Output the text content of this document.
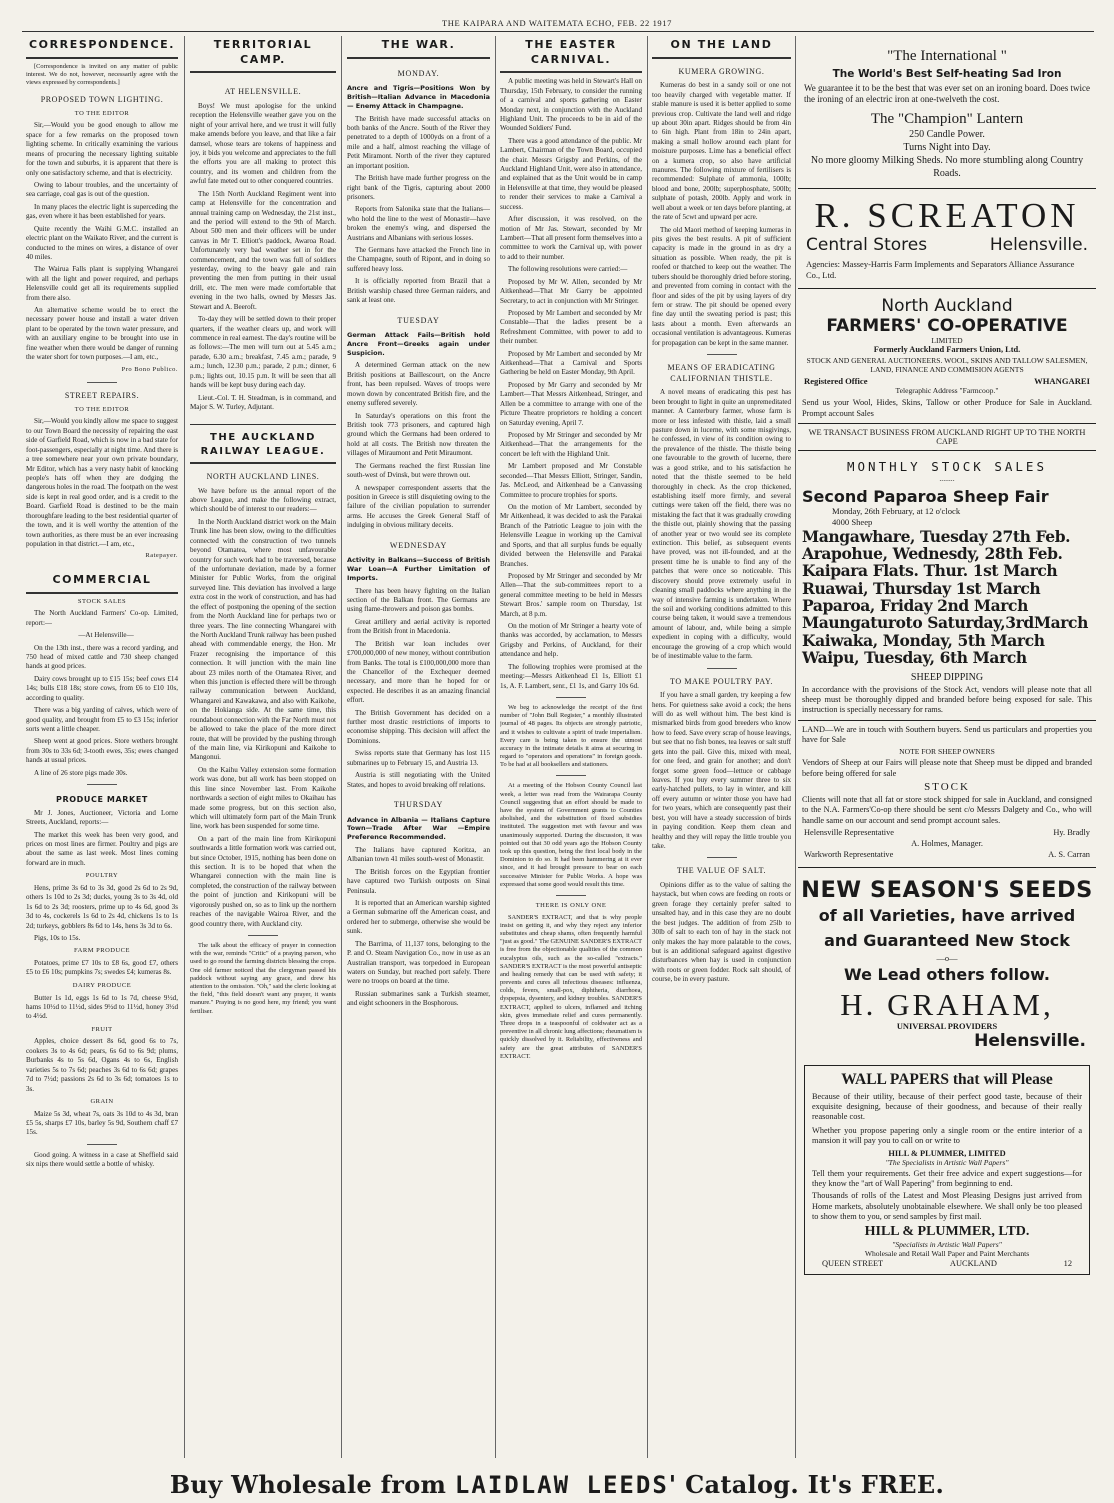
THE KAIPARA AND WAITEMATA ECHO, FEB. 22 1917
CORRESPONDENCE.

[Correspondence is invited on any matter of public interest. We do not, however, necessarily agree with the views expressed by correspondents.]

PROPOSED TOWN LIGHTING.
TO THE EDITOR

Sir,—Would you be good enough to allow me space for a few remarks on the proposed town lighting scheme. In critically examining the various means of procuring the necessary lighting suitable for the town and suburbs, it is apparent that there is only one satisfactory scheme, and that is electricity.

Owing to labour troubles, and the uncertainty of sea carriage, coal gas is out of the question.

In many places the electric light is superceding the gas, even where it has been established for years.

Quite recently the Waihi G.M.C. installed an electric plant on the Waikato River, and the current is conducted to the mines on wires, a distance of over 40 miles.

The Wairua Falls plant is supplying Whangarei with all the light and power required, and perhaps Helensville could get all its requirements supplied from there also.

An alternative scheme would be to erect the necessary power house and install a water driven plant to be operated by the town water pressure, and with an auxiliary engine to be brought into use in fine weather when there would be danger of running the water short for town purposes.—I am, etc.,

Pro Bono Publico.
STREET REPAIRS.
TO THE EDITOR

Sir,—Would you kindly allow me space to suggest to our Town Board the necessity of repairing the east side of Garfield Road, which is now in a bad state for foot-passengers, especially at night time. And there is a tree somewhere near your own private boundary, Mr Editor, which has a very nasty habit of knocking people's hats off when they are dodging the dangerous holes in the road. The footpath on the west side is kept in real good order, and is a credit to the Board. Garfield Road is destined to be the main thoroughfare leading to the best residential quarter of the town, and it is well worthy the attention of the town authorities, as there must be an ever increasing population in that district.—I am, etc.,

Ratepayer.
COMMERCIAL
STOCK SALES

The North Auckland Farmers' Co-op. Limited, report:—

—At Helensville—

On the 13th inst., there was a record yarding, and 750 head of mixed cattle and 730 sheep changed hands at good prices.

Dairy cows brought up to £15 15s; beef cows £14 14s; bulls £18 18s; store cows, from £6 to £10 10s, according to quality.

There was a big yarding of calves, which were of good quality, and brought from £5 to £3 15s; inferior sorts went a little cheaper.

Sheep went at good prices. Store wethers brought from 30s to 33s 6d; 3-tooth ewes, 35s; ewes changed hands at usual prices.

A line of 26 store pigs made 30s.

PRODUCE MARKET

Mr J. Jones, Auctioneer, Victoria and Lorne Streets, Auckland, reports:—

The market this week has been very good, and prices on most lines are firmer. Poultry and pigs are about the same as last week. Most lines coming forward are in much.

POULTRY

Hens, prime 3s 6d to 3s 3d, good 2s 6d to 2s 9d, others 1s 10d to 2s 3d; ducks, young 3s to 3s 4d, old 1s 6d to 2s 3d; roosters, prime up to 4s 6d, good 3s 3d to 4s, cockerels 1s 6d to 2s 4d, chickens 1s to 1s 2d; turkeys, gobblers 8s 6d to 14s, hens 3s 3d to 6s.

Pigs, 10s to 15s.

FARM PRODUCE

Potatoes, prime £7 10s to £8 6s, good £7, others £5 to £6 10s; pumpkins 7s; swedes £4; kumeras 8s.

DAIRY PRODUCE

Butter 1s 1d, eggs 1s 6d to 1s 7d, cheese 9½d, hams 10½d to 11½d, sides 9½d to 11½d, honey 3½d to 4½d.

FRUIT

Apples, choice dessert 8s 6d, good 6s to 7s, cookers 3s to 4s 6d; pears, 6s 6d to 6s 9d; plums, Burbanks 4s to 5s 6d, Ogans 4s to 6s, English varieties 5s to 7s 6d; peaches 3s 6d to 6s 6d; grapes 7d to 7½d; passions 2s 6d to 3s 6d; tomatoes 1s to 3s.

GRAIN

Maize 5s 3d, wheat 7s, oats 3s 10d to 4s 3d, bran £5 5s, sharps £7 10s, barley 5s 9d, Southern chaff £7 15s.

Good going. A witness in a case at Sheffield said six nips there would settle a bottle of whisky.

TERRITORIAL CAMP.
AT HELENSVILLE.

Boys! We must apologise for the unkind reception the Helensville weather gave you on the night of your arrival here, and we trust it will fully make amends before you leave, and that like a fair damsel, whose tears are tokens of happiness and joy, it bids you welcome and appreciates to the full the efforts you are all making to protect this country, and its women and children from the awful fate meted out to other conquered countries.

The 15th North Auckland Regiment went into camp at Helensville for the concentration and annual training camp on Wednesday, the 21st inst., and the period will extend to the 9th of March. About 500 men and their officers will be under canvas in Mr T. Elliott's paddock, Awaroa Road. Unfortunately very bad weather set in for the commencement, and the town was full of soldiers yesterday, owing to the heavy gale and rain preventing the men from putting in their usual drill, etc. The men were made comfortable that evening in the two halls, owned by Messrs Jas. Stewart and A. Beeroft.

To-day they will be settled down to their proper quarters, if the weather clears up, and work will commence in real earnest. The day's routine will be as follows:—The men will turn out at 5.45 a.m.; parade, 6.30 a.m.; breakfast, 7.45 a.m.; parade, 9 a.m.; lunch, 12.30 p.m.; parade, 2 p.m.; dinner, 6 p.m.; lights out, 10.15 p.m. It will be seen that all hands will be kept busy during each day.

Lieut.-Col. T. H. Steadman, is in command, and Major S. W. Turley, Adjutant.

THE AUCKLAND RAILWAY LEAGUE.
NORTH AUCKLAND LINES.

We have before us the annual report of the above League, and make the following extract, which should be of interest to our readers:—

In the North Auckland district work on the Main Trunk line has been slow, owing to the difficulties connected with the construction of two tunnels beyond Otamatea, where most unfavourable country for such work had to be traversed, because of the unfortunate deviation, made by a former Minister for Public Works, from the original surveyed line. This deviation has involved a large extra cost in the work of construction, and has had the effect of postponing the opening of the section from the North Auckland line for perhaps two or three years. The line connecting Whangarei with the North Auckland Trunk railway has been pushed ahead with commendable energy, the Hon. Mr Frazer recognising the importance of this connection. It will junction with the main line about 23 miles north of the Otamatea River, and when this junction is effected there will be through railway communication between Auckland, Whangarei and Kawakawa, and also with Kaikohe, on the Hokianga side. At the same time, this roundabout connection with the Far North must not be allowed to take the place of the more direct route, that will be provided by the pushing through of the main line, via Kirikopuni and Kaikohe to Mangonui.

On the Kaihu Valley extension some formation work was done, but all work has been stopped on this line since November last. From Kaikohe northwards a section of eight miles to Okaihau has made some progress, but on this section also, which will ultimately form part of the Main Trunk line, work has been suspended for some time.

On a part of the main line from Kirikopuni southwards a little formation work was carried out, but since October, 1915, nothing has been done on this section. It is to be hoped that when the Whangarei connection with the main line is completed, the construction of the railway between the point of junction and Kirikopuni will be vigorously pushed on, so as to link up the northern reaches of the navigable Wairoa River, and the good country there, with Auckland city.

The talk about the efficacy of prayer in connection with the war, reminds "Critic" of a praying parson, who used to go round the farming districts blessing the crops. One old farmer noticed that the clergyman passed his paddock without saying any grace, and drew his attention to the omission. "Oh," said the cleric looking at the field, "this field doesn't want any prayer, it wants manure." Praying is no good here, my friend; you want fertiliser.

THE WAR.
MONDAY.
Ancre and Tigris—Positions Won by British—Italian Advance in Macedonia — Enemy Attack in Champagne.

The British have made successful attacks on both banks of the Ancre. South of the River they penetrated to a depth of 1000yds on a front of a mile and a half, almost reaching the village of Petit Miramont. North of the river they captured an important position.

The British have made further progress on the right bank of the Tigris, capturing about 2000 prisoners.

Reports from Salonika state that the Italians—who hold the line to the west of Monastir—have broken the enemy's wing, and dispersed the Austrians and Albanians with serious losses.

The Germans have attacked the French line in the Champagne, south of Ripont, and in doing so suffered heavy loss.

It is officially reported from Brazil that a British warship chased three German raiders, and sank at least one.

TUESDAY
German Attack Fails—British hold Ancre Front—Greeks again under Suspicion.

A determined German attack on the new British positions at Baillescourt, on the Ancre front, has been repulsed. Waves of troops were mown down by concentrated British fire, and the enemy suffered severely.

In Saturday's operations on this front the British took 773 prisoners, and captured high ground which the Germans had been ordered to hold at all costs. The British now threaten the villages of Miraumont and Petit Miraumont.

The Germans reached the first Russian line south-west of Dvinsk, but were thrown out.

A newspaper correspondent asserts that the position in Greece is still disquieting owing to the failure of the civilian population to surrender arms. He accuses the Greek General Staff of indulging in obvious military deceits.

WEDNESDAY
Activity in Balkans—Success of British War Loan—A Further Limitation of Imports.

There has been heavy fighting on the Italian section of the Balkan front. The Germans are using flame-throwers and poison gas bombs.

Great artillery and aerial activity is reported from the British front in Macedonia.

The British war loan includes over £700,000,000 of new money, without contribution from Banks. The total is £100,000,000 more than the Chancellor of the Exchequer deemed necessary, and more than he hoped for or expected. He describes it as an amazing financial effort.

The British Government has decided on a further most drastic restrictions of imports to economise shipping. This decision will affect the Dominions.

Swiss reports state that Germany has lost 115 submarines up to February 15, and Austria 13.

Austria is still negotiating with the United States, and hopes to avoid breaking off relations.

THURSDAY
Advance in Albania — Italians Capture Town—Trade After War —Empire Preference Recommended.

The Italians have captured Koritza, an Albanian town 41 miles south-west of Monastir.

The British forces on the Egyptian frontier have captured two Turkish outposts on Sinai Peninsula.

It is reported that an American warship sighted a German submarine off the American coast, and ordered her to submerge, otherwise she would be sunk.

The Barrima, of 11,137 tons, belonging to the P. and O. Steam Navigation Co., now in use as an Australian transport, was torpedoed in European waters on Sunday, but reached port safely. There were no troops on board at the time.

Russian submarines sank a Turkish steamer, and eight schooners in the Bosphorous.

THE EASTER CARNIVAL.

A public meeting was held in Stewart's Hall on Thursday, 15th February, to consider the running of a carnival and sports gathering on Easter Monday next, in conjunction with the Auckland Highland Unit. The proceeds to be in aid of the Wounded Soldiers' Fund.

There was a good attendance of the public. Mr Lambert, Chairman of the Town Board, occupied the chair. Messrs Grigsby and Perkins, of the Auckland Highland Unit, were also in attendance, and explained that as the Unit would be in camp in Helensville at that time, they would be pleased to render their services to make a Carnival a success.

After discussion, it was resolved, on the motion of Mr Jas. Stewart, seconded by Mr Lambert—That all present form themselves into a committee to work the Carnival up, with power to add to their number.

The following resolutions were carried:—

Proposed by Mr W. Allen, seconded by Mr Aitkenhead—That Mr Garry be appointed Secretary, to act in conjunction with Mr Stringer.

Proposed by Mr Lambert and seconded by Mr Constable—That the ladies present be a Refreshment Committee, with power to add to their number.

Proposed by Mr Lambert and seconded by Mr Aitkenhead—That a Carnival and Sports Gathering be held on Easter Monday, 9th April.

Proposed by Mr Garry and seconded by Mr Lambert—That Messrs Aitkenhead, Stringer, and Allen be a committee to arrange with one of the Picture Theatre proprietors re holding a concert on Saturday evening, April 7.

Proposed by Mr Stringer and seconded by Mr Aitkenhead—That the arrangements for the concert be left with the Highland Unit.

Mr Lambert proposed and Mr Constable seconded—That Messrs Elliott, Stringer, Sandin, Jas. McLeod, and Aitkenhead be a Canvassing Committee to procure trophies for sports.

On the motion of Mr Lambert, seconded by Mr Aitkenhead, it was decided to ask the Parakai Branch of the Patriotic League to join with the Helensville League in working up the Carnival and Sports, and that all surplus funds be equally divided between the Helensville and Parakai Branches.

Proposed by Mr Stringer and seconded by Mr Allen—That the sub-committees report to a general committee meeting to be held in Messrs Stewart Bros.' sample room on Thursday, 1st March, at 8 p.m.

On the motion of Mr Stringer a hearty vote of thanks was accorded, by acclamation, to Messrs Grigsby and Perkins, of Auckland, for their attendance and help.

The following trophies were promised at the meeting:—Messrs Aitkenhead £1 1s, Elliott £1 1s, A. F. Lambert, senr., £1 1s, and Garry 10s 6d.

We beg to acknowledge the receipt of the first number of "John Bull Register," a monthly illustrated journal of 48 pages. Its objects are strongly patriotic, and it wishes to cultivate a spirit of trade imperialism. Every care is being taken to ensure the utmost accuracy in the intimate details it aims at securing in regard to "operators and operations" in foreign goods. To be had at all booksellers and stationers.

At a meeting of the Hobson County Council last week, a letter was read from the Wairarapa County Council suggesting that an effort should be made to have the system of Government grants to Counties abolished, and the substitution of fixed subsidies instituted. The suggestion met with favour and was unanimously supported. During the discussion, it was pointed out that 30 odd years ago the Hobson County took up this question, being the first local body in the Dominion to do so. It had been hammering at it ever since, and it had brought pressure to bear on each successive Minister for Public Works. A hope was expressed that some good would result this time.

THERE IS ONLY ONE

SANDER'S EXTRACT, and that is why people insist on getting it, and why they reject any inferior substitutes and cheap shams, often frequently harmful "just as good." The GENUINE SANDER'S EXTRACT is free from the objectionable qualities of the common eucalyptus oils, such as the so-called "extracts." SANDER'S EXTRACT is the most powerful antiseptic and healing remedy that can be used with safety; it prevents and cures all infectious diseases: influenza, colds, fevers, small-pox, diphtheria, diarrhoea, dyspepsia, dysentery, and kidney troubles. SANDER'S EXTRACT, applied to ulcers, inflamed and itching skin, gives immediate relief and cures permanently. Three drops in a teaspoonful of coldwater act as a preventive in all chronic lung affections; rheumatism is quickly dissolved by it. Reliability, effectiveness and safety are the great attributes of SANDER'S EXTRACT.

ON THE LAND
KUMERA GROWING.

Kumeras do best in a sandy soil or one not too heavily charged with vegetable matter. If stable manure is used it is better applied to some previous crop. Cultivate the land well and ridge up about 30in apart. Ridges should be from 4in to 6in high. Plant from 18in to 24in apart, making a small hollow around each plant for moisture purposes. Lime has a beneficial effect on a kumera crop, so also have artificial manures. The following mixture of fertilisers is recommended: Sulphate of ammonia, 100lb; blood and bone, 200lb; superphosphate, 500lb; sulphate of potash, 200lb. Apply and work in well about a week or ten days before planting, at the rate of 5cwt and upward per acre.

The old Maori method of keeping kumeras in pits gives the best results. A pit of sufficient capacity is made in the ground in as dry a situation as possible. When ready, the pit is roofed or thatched to keep out the weather. The tubers should be thoroughly dried before storing, and prevented from coming in contact with the floor and sides of the pit by using layers of dry fern or straw. The pit should be opened every fine day until the sweating period is past; this lasts about a month. Even afterwards an occasional ventilation is advantageous. Kumeras for propagation can be kept in the same manner.

MEANS OF ERADICATING CALIFORNIAN THISTLE.

A novel means of eradicating this pest has been brought to light in quite an unpremeditated manner. A Canterbury farmer, whose farm is more or less infested with thistle, laid a small pasture down in lucerne, with some misgivings, he confessed, in view of its condition owing to the prevalence of the thistle. The thistle being one favourable to the growth of lucerne, there was a good strike, and to his satisfaction he noted that the thistle seemed to be held thoroughly in check. As the crop thickened, establishing itself more firmly, and several cuttings were taken off the field, there was no mistaking the fact that it was gradually crowding the thistle out, plainly showing that the passing of another year or two would see its complete extinction. This belief, as subsequent events have proved, was not ill-founded, and at the present time he is unable to find any of the patches that were once so noticeable. This discovery should prove extremely useful in cleaning small paddocks where anything in the way of intensive farming is undertaken. Where the soil and working conditions admitted to this course being taken, it would save a tremendous amount of labour, and, while being a simple expedient in coping with a difficulty, would encourage the growing of a crop which would be of inestimable value to the farm.

TO MAKE POULTRY PAY.

If you have a small garden, try keeping a few hens. For quietness sake avoid a cock; the hens will do as well without him. The best kind is mismarked birds from good breeders who know how to feed. Save every scrap of house leavings, but see that no fish bones, tea leaves or salt stuff gets into the pail. Give this, mixed with meal, for one feed, and grain for another; and don't forget some green food—lettuce or cabbage leaves. If you buy every summer three to six early-hatched pullets, to lay in winter, and kill off every autumn or winter those you have had for two years, which are consequently past their best, you will have a steady succession of birds in paying condition. Keep them clean and healthy and they will repay the little trouble you take.

THE VALUE OF SALT.

Opinions differ as to the value of salting the haystack, but when cows are feeding on roots or green forage they certainly prefer salted to unsalted hay, and in this case they are no doubt the best judges. The addition of from 25lb to 30lb of salt to each ton of hay in the stack not only makes the hay more palatable to the cows, but is an additional safeguard against digestive disturbances when hay is used in conjunction with roots or green fodder. Rock salt should, of course, be in every pasture.

"The International "
The World's Best Self-heating Sad Iron
We guarantee it to be the best that was ever set on an ironing board. Does twice the ironing of an electric iron at one-twelveth the cost.
The "Champion" Lantern
250 Candle Power.
Turns Night into Day.
No more gloomy Milking Sheds. No more stumbling along Country Roads.
R. SCREATON
Central Stores	Helensville.
Agencies: Massey-Harris Farm Implements and Separators Alliance Assurance Co., Ltd.
North Auckland
FARMERS' CO-OPERATIVE
LIMITED
Formerly Auckland Farmers Union, Ltd.
STOCK AND GENERAL AUCTIONEERS. WOOL, SKINS AND TALLOW SALESMEN, LAND, FINANCE AND COMMISION AGENTS
Registered Office	WHANGAREI
Telegraphic Address "Farmcoop."
Send us your Wool, Hides, Skins, Tallow or other Produce for Sale in Auckland. Prompt account Sales
WE TRANSACT BUSINESS FROM AUCKLAND RIGHT UP TO THE NORTH CAPE
MONTHLY STOCK SALES
........
Second Paparoa Sheep Fair
Monday, 26th February, at 12 o'clock
4000 Sheep
Mangawhare, Tuesday 27th Feb.
Arapohue, Wednesdy, 28th Feb.
Kaipara Flats. Thur. 1st March
Ruawai, Thursday 1st March
Paparoa, Friday 2nd March
Maungaturoto Saturday,3rdMarch
Kaiwaka, Monday, 5th March
Waipu, Tuesday, 6th March
SHEEP DIPPING
In accordance with the provisions of the Stock Act, vendors will please note that all sheep must be thoroughly dipped and branded before being exposed for sale. This instruction is specially necessary for rams.
LAND—We are in touch with Southern buyers. Send us particulars and properties you have for Sale
NOTE FOR SHEEP OWNERS
Vendors of Sheep at our Fairs will please note that Sheep must be dipped and branded before being offered for sale
STOCK
Clients will note that all fat or store stock shipped for sale in Auckland, and consigned to the N.A. Farmers'Co-op there should be sent c/o Messrs Dalgety and Co., who will handle same on our account and send prompt account sales.
Helensville Representative	Hy. Bradly
A. Holmes, Manager.
Warkworth Representative	A. S. Carran
NEW SEASON'S SEEDS
of all Varieties, have arrived
and Guaranteed New Stock
—o—
We Lead others follow.
H. GRAHAM,
UNIVERSAL PROVIDERS
Helensville.
WALL PAPERS that will Please
Because of their utility, because of their perfect good taste, because of their exquisite designing, because of their goodness, and because of their really reasonable cost.
Whether you propose papering only a single room or the entire interior of a mansion it will pay you to call on or write to
HILL & PLUMMER, LIMITED
"The Specialists in Artistic Wall Papers"
Tell them your requirements. Get their free advice and expert suggestions—for they know the "art of Wall Papering" from beginning to end.
Thousands of rolls of the Latest and Most Pleasing Designs just arrived from Home markets, absolutely unobtainable elsewhere. We shall only be too pleased to show them to you, or send samples by first mail.
HILL & PLUMMER, LTD.
"Specialists in Artistic Wall Papers"
Wholesale and Retail Wall Paper and Paint Merchants
QUEEN STREET	AUCKLAND	12
Buy Wholesale from LAIDLAW LEEDS' Catalog. It's FREE.
